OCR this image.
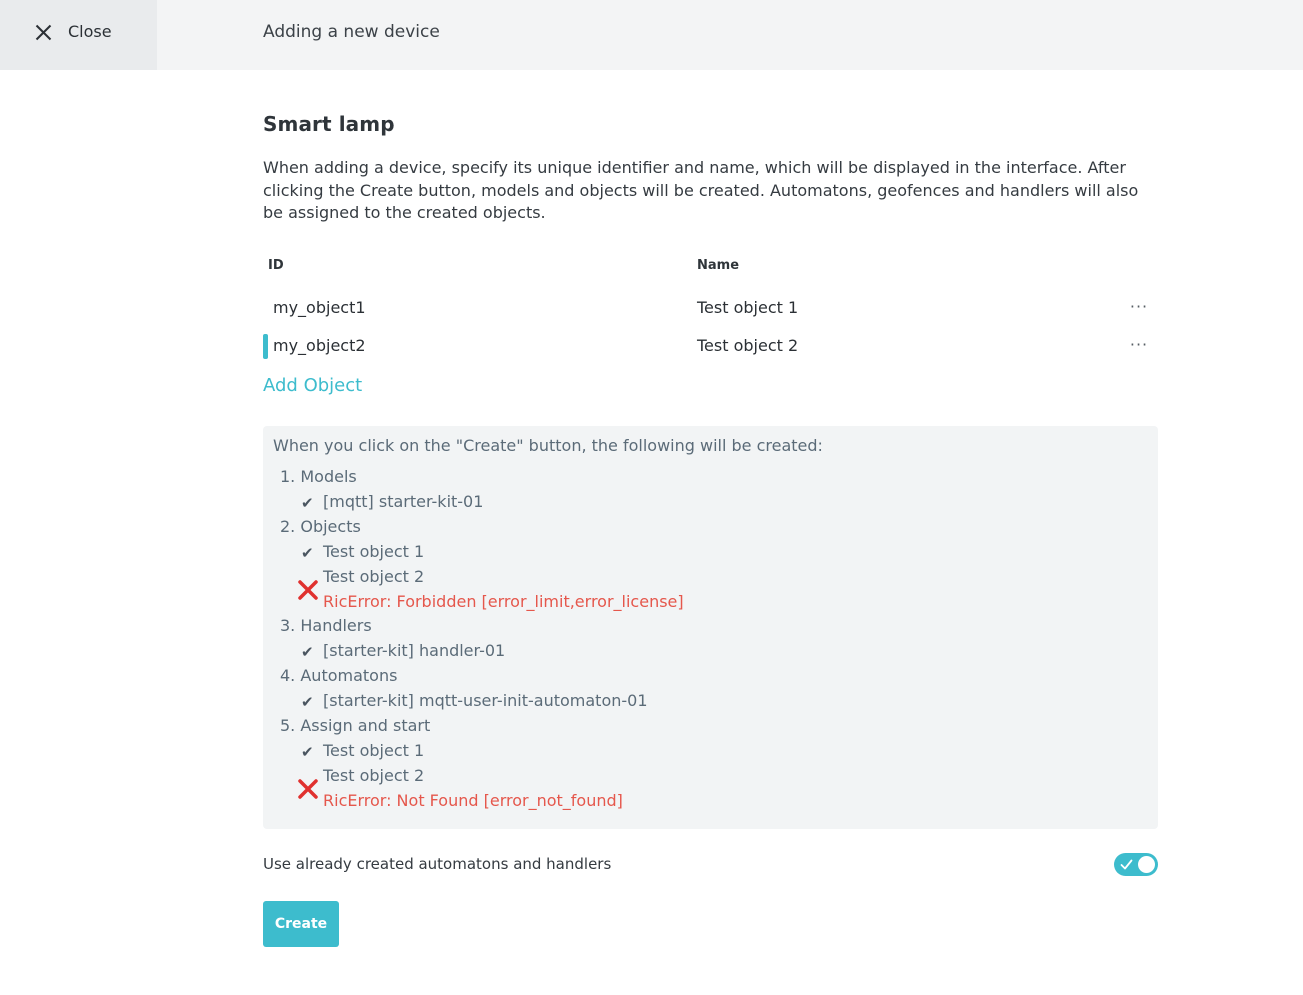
Close	Adding a new device
Smart lamp
When adding a device, specify its unique identifier and name, which will be displayed in the interface. After clicking the Create button, models and objects will be created. Automatons, geofences and handlers will also be assigned to the created objects.
ID	Name
my_object1	Test object 1	···
my_object2	Test object 2	···
Add Object
When you click on the "Create" button, the following will be created:
1. Models
✔ [mqtt] starter-kit-01
2. Objects
✔ Test object 1
Test object 2
RicError: Forbidden [error_limit,error_license]
3. Handlers
✔ [starter-kit] handler-01
4. Automatons
✔ [starter-kit] mqtt-user-init-automaton-01
5. Assign and start
✔ Test object 1
Test object 2
RicError: Not Found [error_not_found]
Use already created automatons and handlers
Create
